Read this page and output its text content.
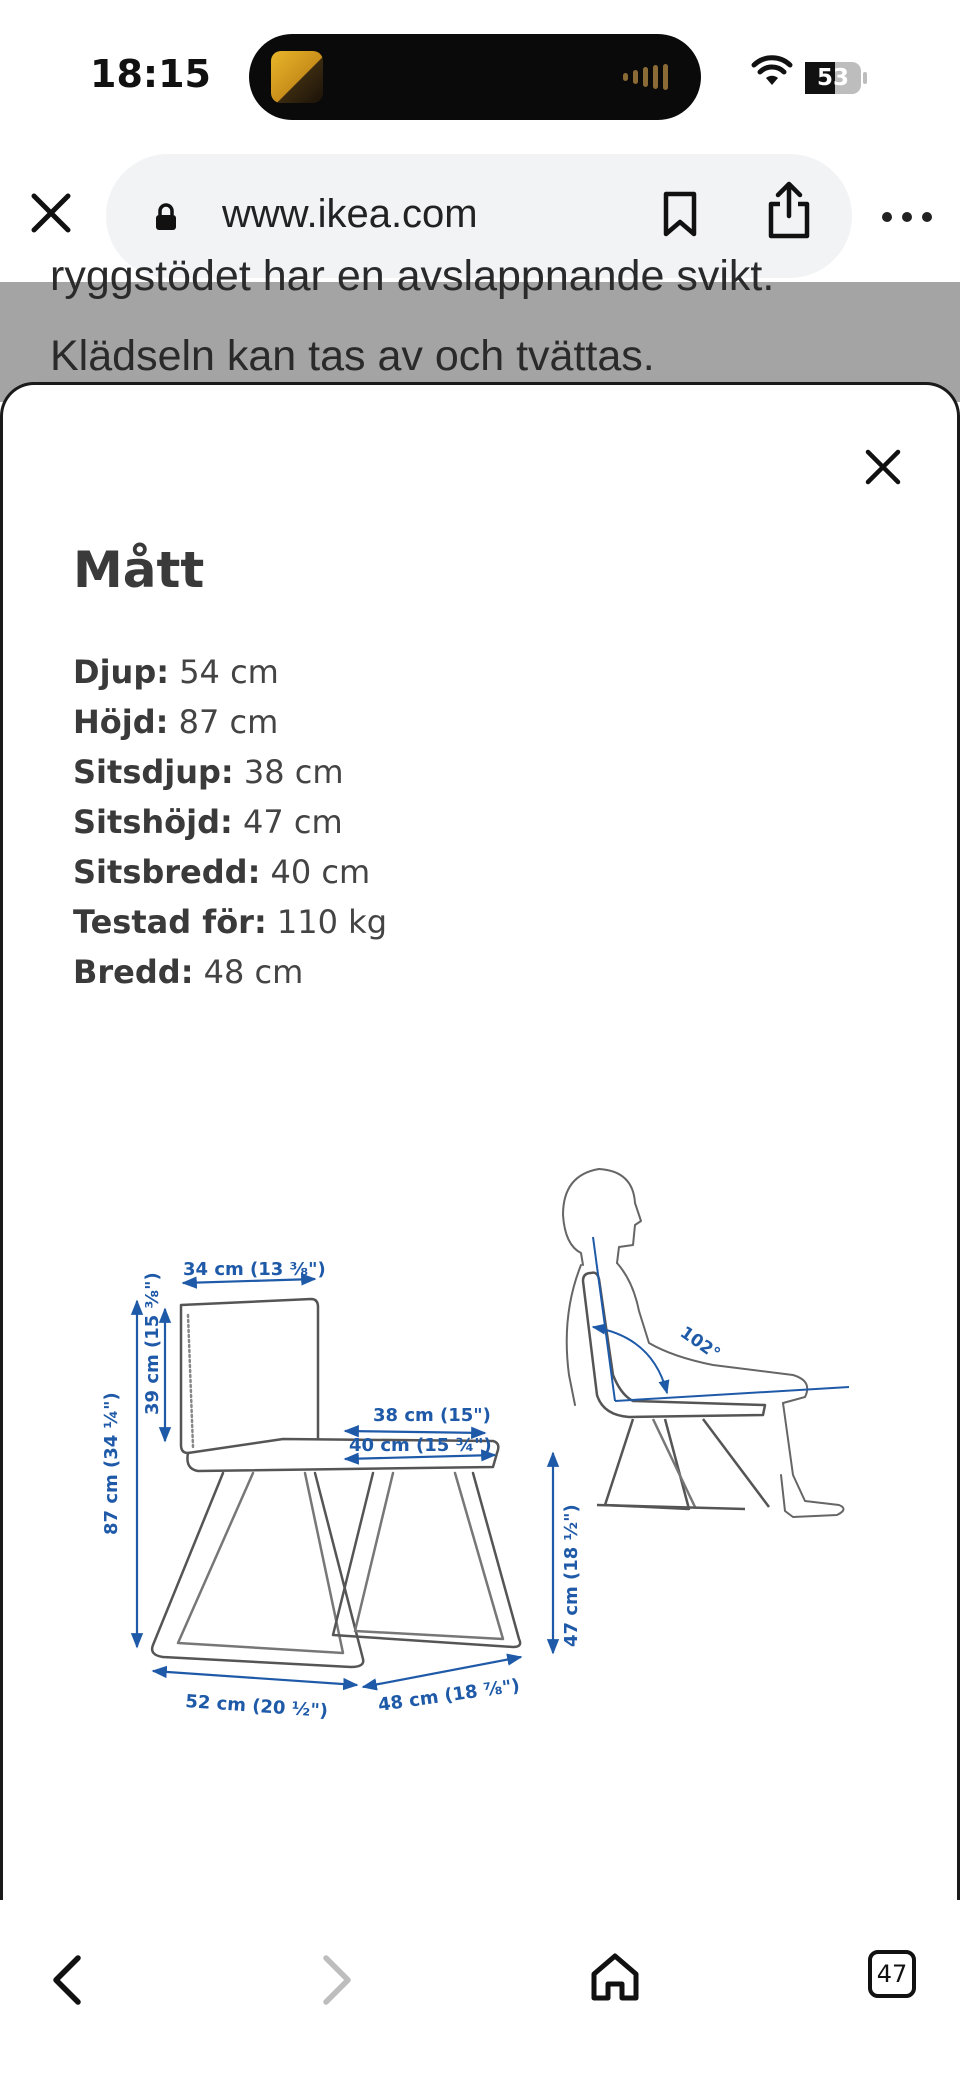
18:15	53
www.ikea.com

ryggstödet har en avslappnande svikt.

Klädseln kan tas av och tvättas.

Mått
Djup: 54 cm
Höjd: 87 cm
Sitsdjup: 38 cm
Sitshöjd: 47 cm
Sitsbredd: 40 cm
Testad för: 110 kg
Bredd: 48 cm
34 cm (13 ⅜")
87 cm (34 ¼")
39 cm (15 ⅜")
38 cm (15")
40 cm (15 ¾")
47 cm (18 ½")
52 cm (20 ½")	48 cm (18 ⅞")
102°
47
